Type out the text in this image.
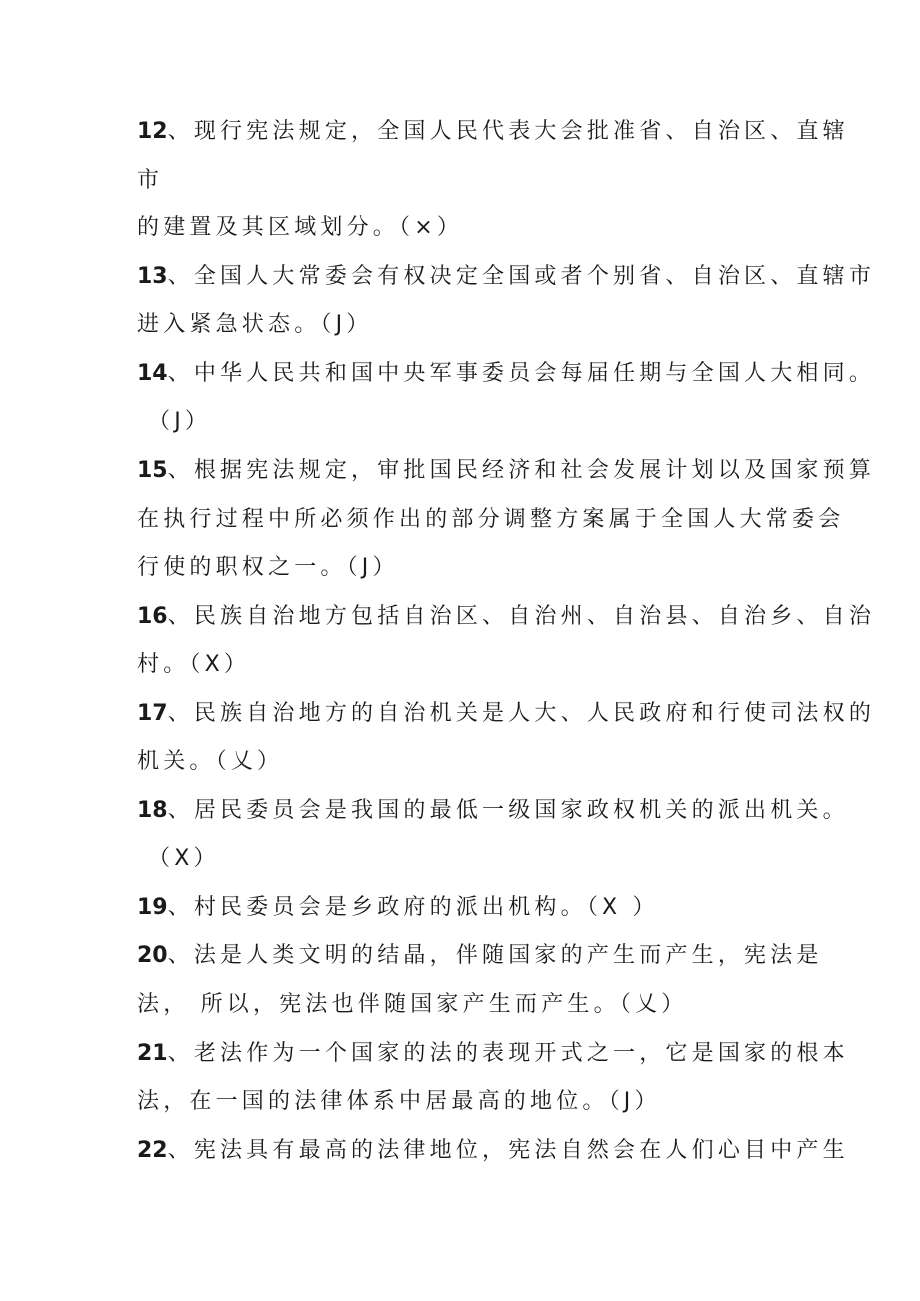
12、现行宪法规定，全国人民代表大会批准省、自治区、直辖
市
的建置及其区域划分。（×）
13、全国人大常委会有权决定全国或者个别省、自治区、直辖市
进入紧急状态。（J）
14、中华人民共和国中央军事委员会每届任期与全国人大相同。
（J）
15、根据宪法规定，审批国民经济和社会发展计划以及国家预算
在执行过程中所必须作出的部分调整方案属于全国人大常委会
行使的职权之一。（J）
16、民族自治地方包括自治区、自治州、自治县、自治乡、自治
村。（X）
17、民族自治地方的自治机关是人大、人民政府和行使司法权的
机关。（乂）
18、居民委员会是我国的最低一级国家政权机关的派出机关。
（X）
19、村民委员会是乡政府的派出机构。（X ）
20、法是人类文明的结晶，伴随国家的产生而产生，宪法是
法， 所以，宪法也伴随国家产生而产生。（乂）
21、老法作为一个国家的法的表现开式之一，它是国家的根本
法，在一国的法律体系中居最高的地位。（J）
22、宪法具有最高的法律地位，宪法自然会在人们心目中产生
